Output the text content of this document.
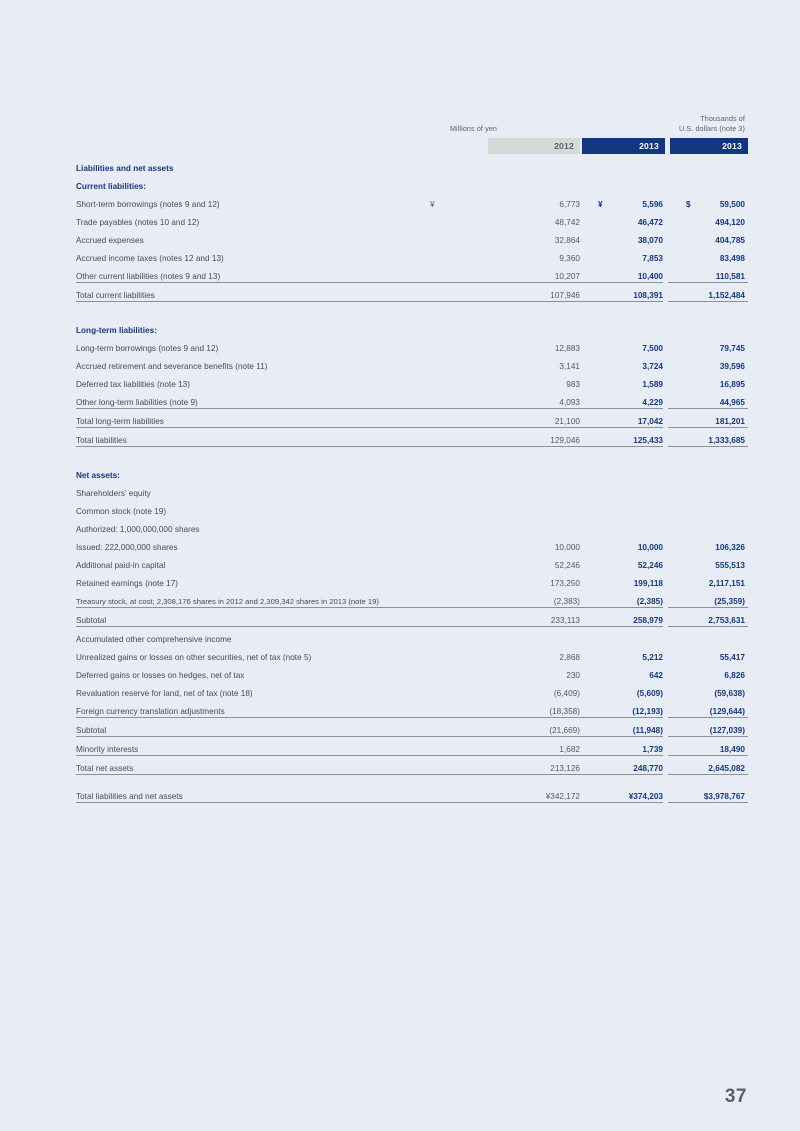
Millions of yen
Thousands of
U.S. dollars (note 3)
2012	2013	2013
Liabilities and net assets				
Current liabilities:				
Short-term borrowings (notes 9 and 12)	¥ 6,773	¥ 5,596		$ 59,500
Trade payables (notes 10 and 12)	48,742	46,472		494,120
Accrued expenses	32,864	38,070		404,785
Accrued income taxes (notes 12 and 13)	9,360	7,853		83,498
Other current liabilities (notes 9 and 13)	10,207	10,400		110,581
Total current liabilities	107,946	108,391		1,152,484

Long-term liabilities:				
Long-term borrowings (notes 9 and 12)	12,883	7,500		79,745
Accrued retirement and severance benefits (note 11)	3,141	3,724		39,596
Deferred tax liabilities (note 13)	983	1,589		16,895
Other long-term liabilities (note 9)	4,093	4,229		44,965
Total long-term liabilities	21,100	17,042		181,201
Total liabilities	129,046	125,433		1,333,685

Net assets:				
Shareholders’ equity				
Common stock (note 19)				
Authorized: 1,000,000,000 shares				
Issued: 222,000,000 shares	10,000	10,000		106,326
Additional paid-in capital	52,246	52,246		555,513
Retained earnings (note 17)	173,250	199,118		2,117,151
Treasury stock, at cost; 2,308,176 shares in 2012 and 2,309,342 shares in 2013 (note 19)	(2,383)	(2,385)		(25,359)
Subtotal	233,113	258,979		2,753,631
Accumulated other comprehensive income				
Unrealized gains or losses on other securities, net of tax (note 5)	2,868	5,212		55,417
Deferred gains or losses on hedges, net of tax	230	642		6,826
Revaluation reserve for land, net of tax (note 18)	(6,409)	(5,609)		(59,638)
Foreign currency translation adjustments	(18,358)	(12,193)		(129,644)
Subtotal	(21,669)	(11,948)		(127,039)
Minority interests	1,682	1,739		18,490
Total net assets	213,126	248,770		2,645,082

Total liabilities and net assets	¥342,172	¥374,203		$3,978,767
37
